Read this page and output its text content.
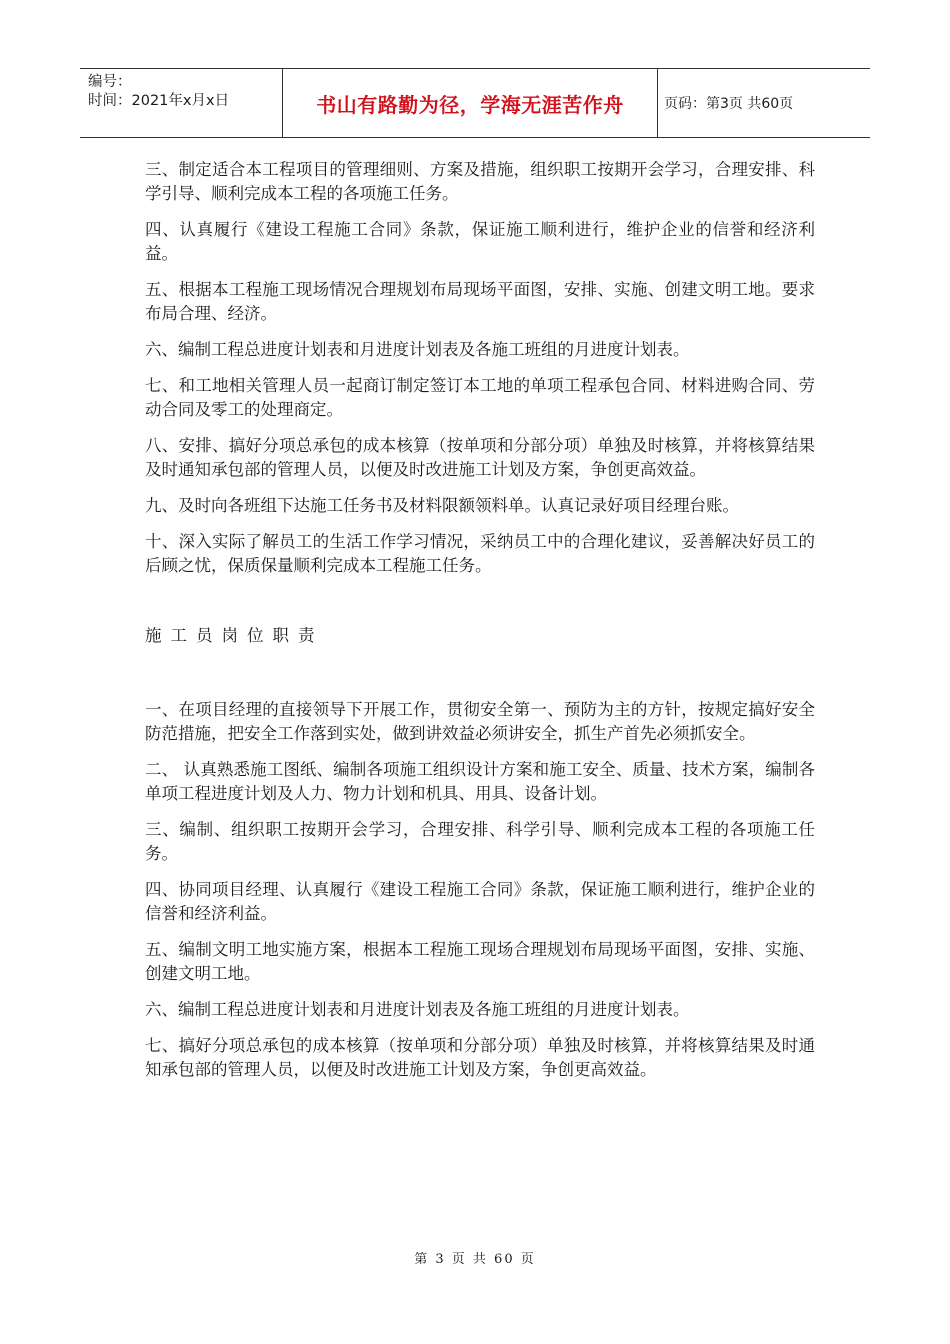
编号：
时间：2021年x月x日	书山有路勤为径，学海无涯苦作舟	页码：第3页 共60页

三、制定适合本工程项目的管理细则、方案及措施，组织职工按期开会学习，合理安排、科学引导、顺利完成本工程的各项施工任务。

四、认真履行《建设工程施工合同》条款，保证施工顺利进行，维护企业的信誉和经济利益。

五、根据本工程施工现场情况合理规划布局现场平面图，安排、实施、创建文明工地。要求布局合理、经济。

六、编制工程总进度计划表和月进度计划表及各施工班组的月进度计划表。

七、和工地相关管理人员一起商订制定签订本工地的单项工程承包合同、材料进购合同、劳动合同及零工的处理商定。

八、安排、搞好分项总承包的成本核算（按单项和分部分项）单独及时核算，并将核算结果及时通知承包部的管理人员，以便及时改进施工计划及方案，争创更高效益。

九、及时向各班组下达施工任务书及材料限额领料单。认真记录好项目经理台账。

十、深入实际了解员工的生活工作学习情况，采纳员工中的合理化建议，妥善解决好员工的后顾之忧，保质保量顺利完成本工程施工任务。

施工员岗位职责

一、在项目经理的直接领导下开展工作，贯彻安全第一、预防为主的方针，按规定搞好安全防范措施，把安全工作落到实处，做到讲效益必须讲安全，抓生产首先必须抓安全。

二、 认真熟悉施工图纸、编制各项施工组织设计方案和施工安全、质量、技术方案，编制各单项工程进度计划及人力、物力计划和机具、用具、设备计划。

三、编制、组织职工按期开会学习，合理安排、科学引导、顺利完成本工程的各项施工任务。

四、协同项目经理、认真履行《建设工程施工合同》条款，保证施工顺利进行，维护企业的信誉和经济利益。

五、编制文明工地实施方案，根据本工程施工现场合理规划布局现场平面图，安排、实施、创建文明工地。

六、编制工程总进度计划表和月进度计划表及各施工班组的月进度计划表。

七、搞好分项总承包的成本核算（按单项和分部分项）单独及时核算，并将核算结果及时通知承包部的管理人员，以便及时改进施工计划及方案，争创更高效益。

第 3 页 共 60 页
